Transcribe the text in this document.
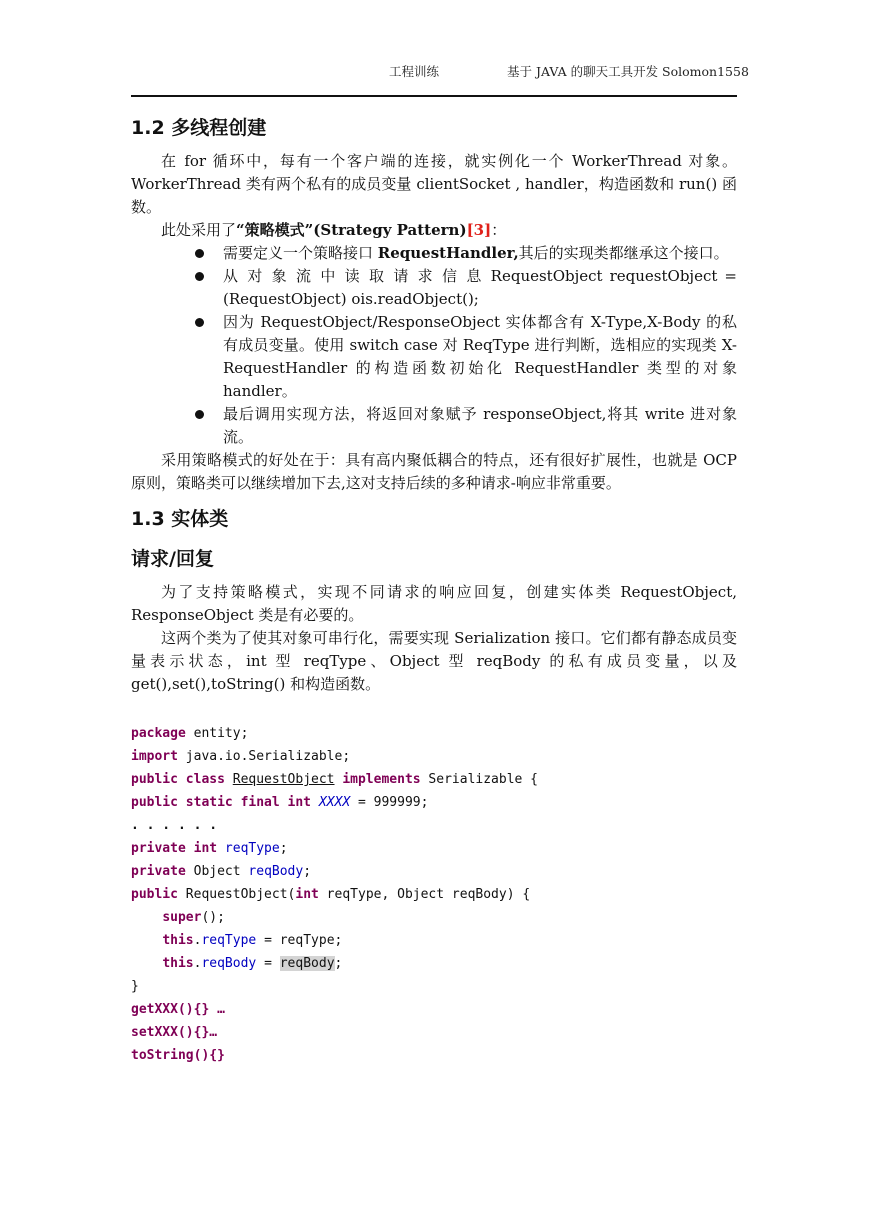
工程训练	基于 JAVA 的聊天工具开发 Solomon1558
1.2 多线程创建

在 for 循环中，每有一个客户端的连接，就实例化一个 WorkerThread 对象。WorkerThread 类有两个私有的成员变量 clientSocket , handler，构造函数和 run() 函数。

此处采用了“策略模式”(Strategy Pattern)[3]：

需要定义一个策略接口 RequestHandler,其后的实现类都继承这个接口。
从 对 象 流 中 读 取 请 求 信 息 RequestObject requestObject = (RequestObject) ois.readObject();
因为 RequestObject/ResponseObject 实体都含有 X-Type,X-Body 的私有成员变量。使用 switch case 对 ReqType 进行判断，选相应的实现类 X-RequestHandler 的构造函数初始化 RequestHandler 类型的对象 handler。
最后调用实现方法，将返回对象赋予 responseObject,将其 write 进对象流。

采用策略模式的好处在于：具有高内聚低耦合的特点，还有很好扩展性，也就是 OCP 原则，策略类可以继续增加下去,这对支持后续的多种请求-响应非常重要。

1.3 实体类
请求/回复

为了支持策略模式，实现不同请求的响应回复，创建实体类 RequestObject, ResponseObject 类是有必要的。

这两个类为了使其对象可串行化，需要实现 Serialization 接口。它们都有静态成员变量表示状态，int 型 reqType、Object 型 reqBody 的私有成员变量，以及 get(),set(),toString() 和构造函数。

package entity;
import java.io.Serializable;
public class RequestObject implements Serializable {
public static final int XXXX = 999999;
. . . . . .
private int reqType;
private Object reqBody;
public RequestObject(int reqType, Object reqBody) {
super();
this.reqType = reqType;
this.reqBody = reqBody;
}
getXXX(){} …
setXXX(){}…
toString(){}
